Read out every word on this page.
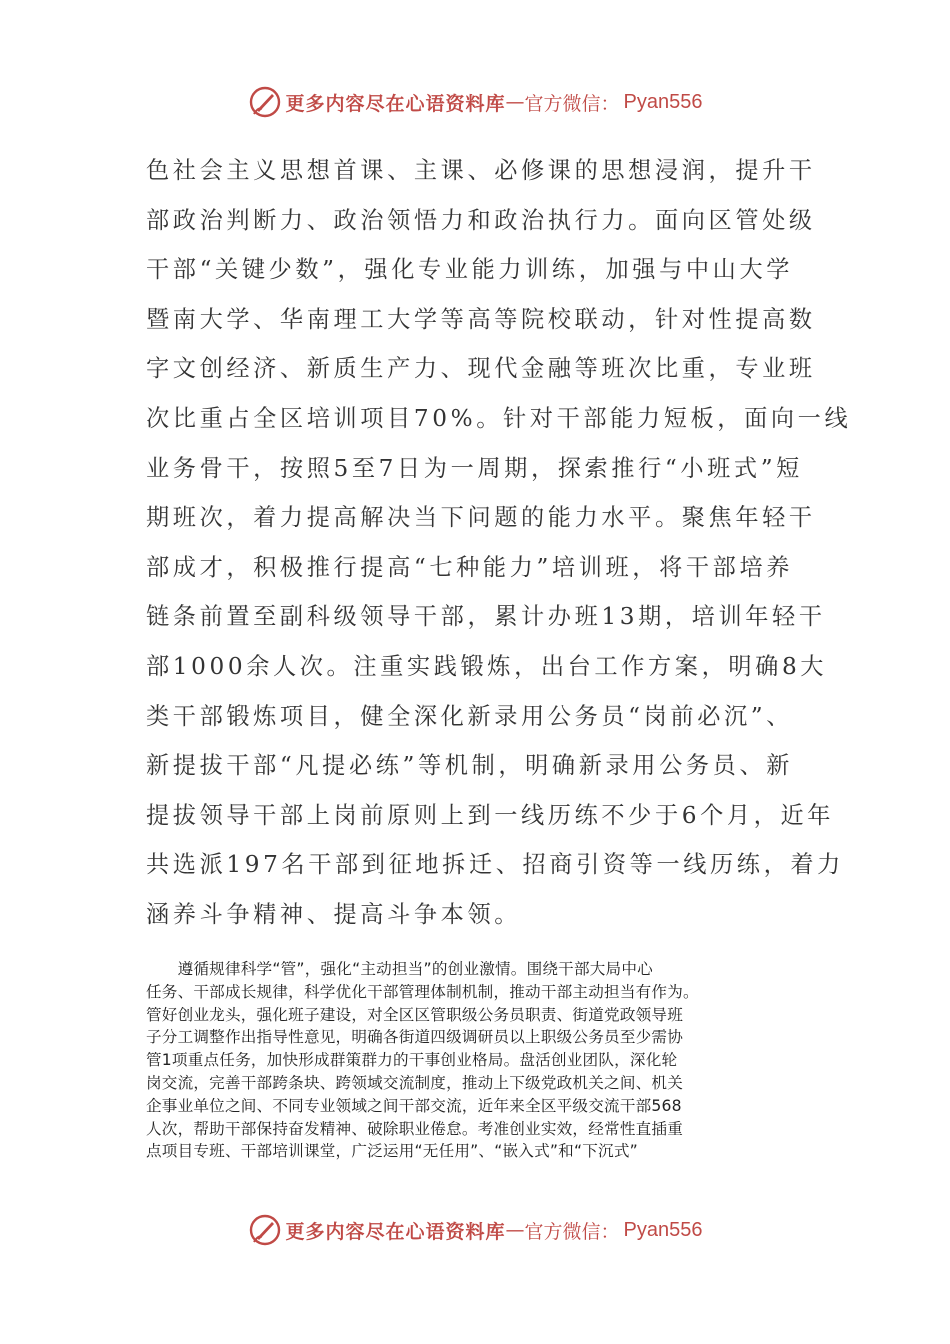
更多内容尽在心语资料库 — 官方微信： Pyan556
色社会主义思想首课、主课、必修课的思想浸润，提升干
部政治判断力、政治领悟力和政治执行力。面向区管处级
干部“关键少数”，强化专业能力训练，加强与中山大学
暨南大学、华南理工大学等高等院校联动，针对性提高数
字文创经济、新质生产力、现代金融等班次比重，专业班
次比重占全区培训项目70%。针对干部能力短板，面向一线
业务骨干，按照5至7日为一周期，探索推行“小班式”短
期班次，着力提高解决当下问题的能力水平。聚焦年轻干
部成才，积极推行提高“七种能力”培训班，将干部培养
链条前置至副科级领导干部，累计办班13期，培训年轻干
部1000余人次。注重实践锻炼，出台工作方案，明确8大
类干部锻炼项目，健全深化新录用公务员“岗前必沉”、
新提拔干部“凡提必练”等机制，明确新录用公务员、新
提拔领导干部上岗前原则上到一线历练不少于6个月，近年
共选派197名干部到征地拆迁、招商引资等一线历练，着力
涵养斗争精神、提高斗争本领。
　　遵循规律科学“管”，强化“主动担当”的创业激情。围绕干部大局中心
任务、干部成长规律，科学优化干部管理体制机制，推动干部主动担当有作为。
管好创业龙头，强化班子建设，对全区区管职级公务员职责、街道党政领导班
子分工调整作出指导性意见，明确各街道四级调研员以上职级公务员至少需协
管1项重点任务，加快形成群策群力的干事创业格局。盘活创业团队，深化轮
岗交流，完善干部跨条块、跨领域交流制度，推动上下级党政机关之间、机关
企事业单位之间、不同专业领域之间干部交流，近年来全区平级交流干部568
人次，帮助干部保持奋发精神、破除职业倦怠。考准创业实效，经常性直插重
点项目专班、干部培训课堂，广泛运用“无任用”、“嵌入式”和“下沉式”
更多内容尽在心语资料库 — 官方微信： Pyan556
